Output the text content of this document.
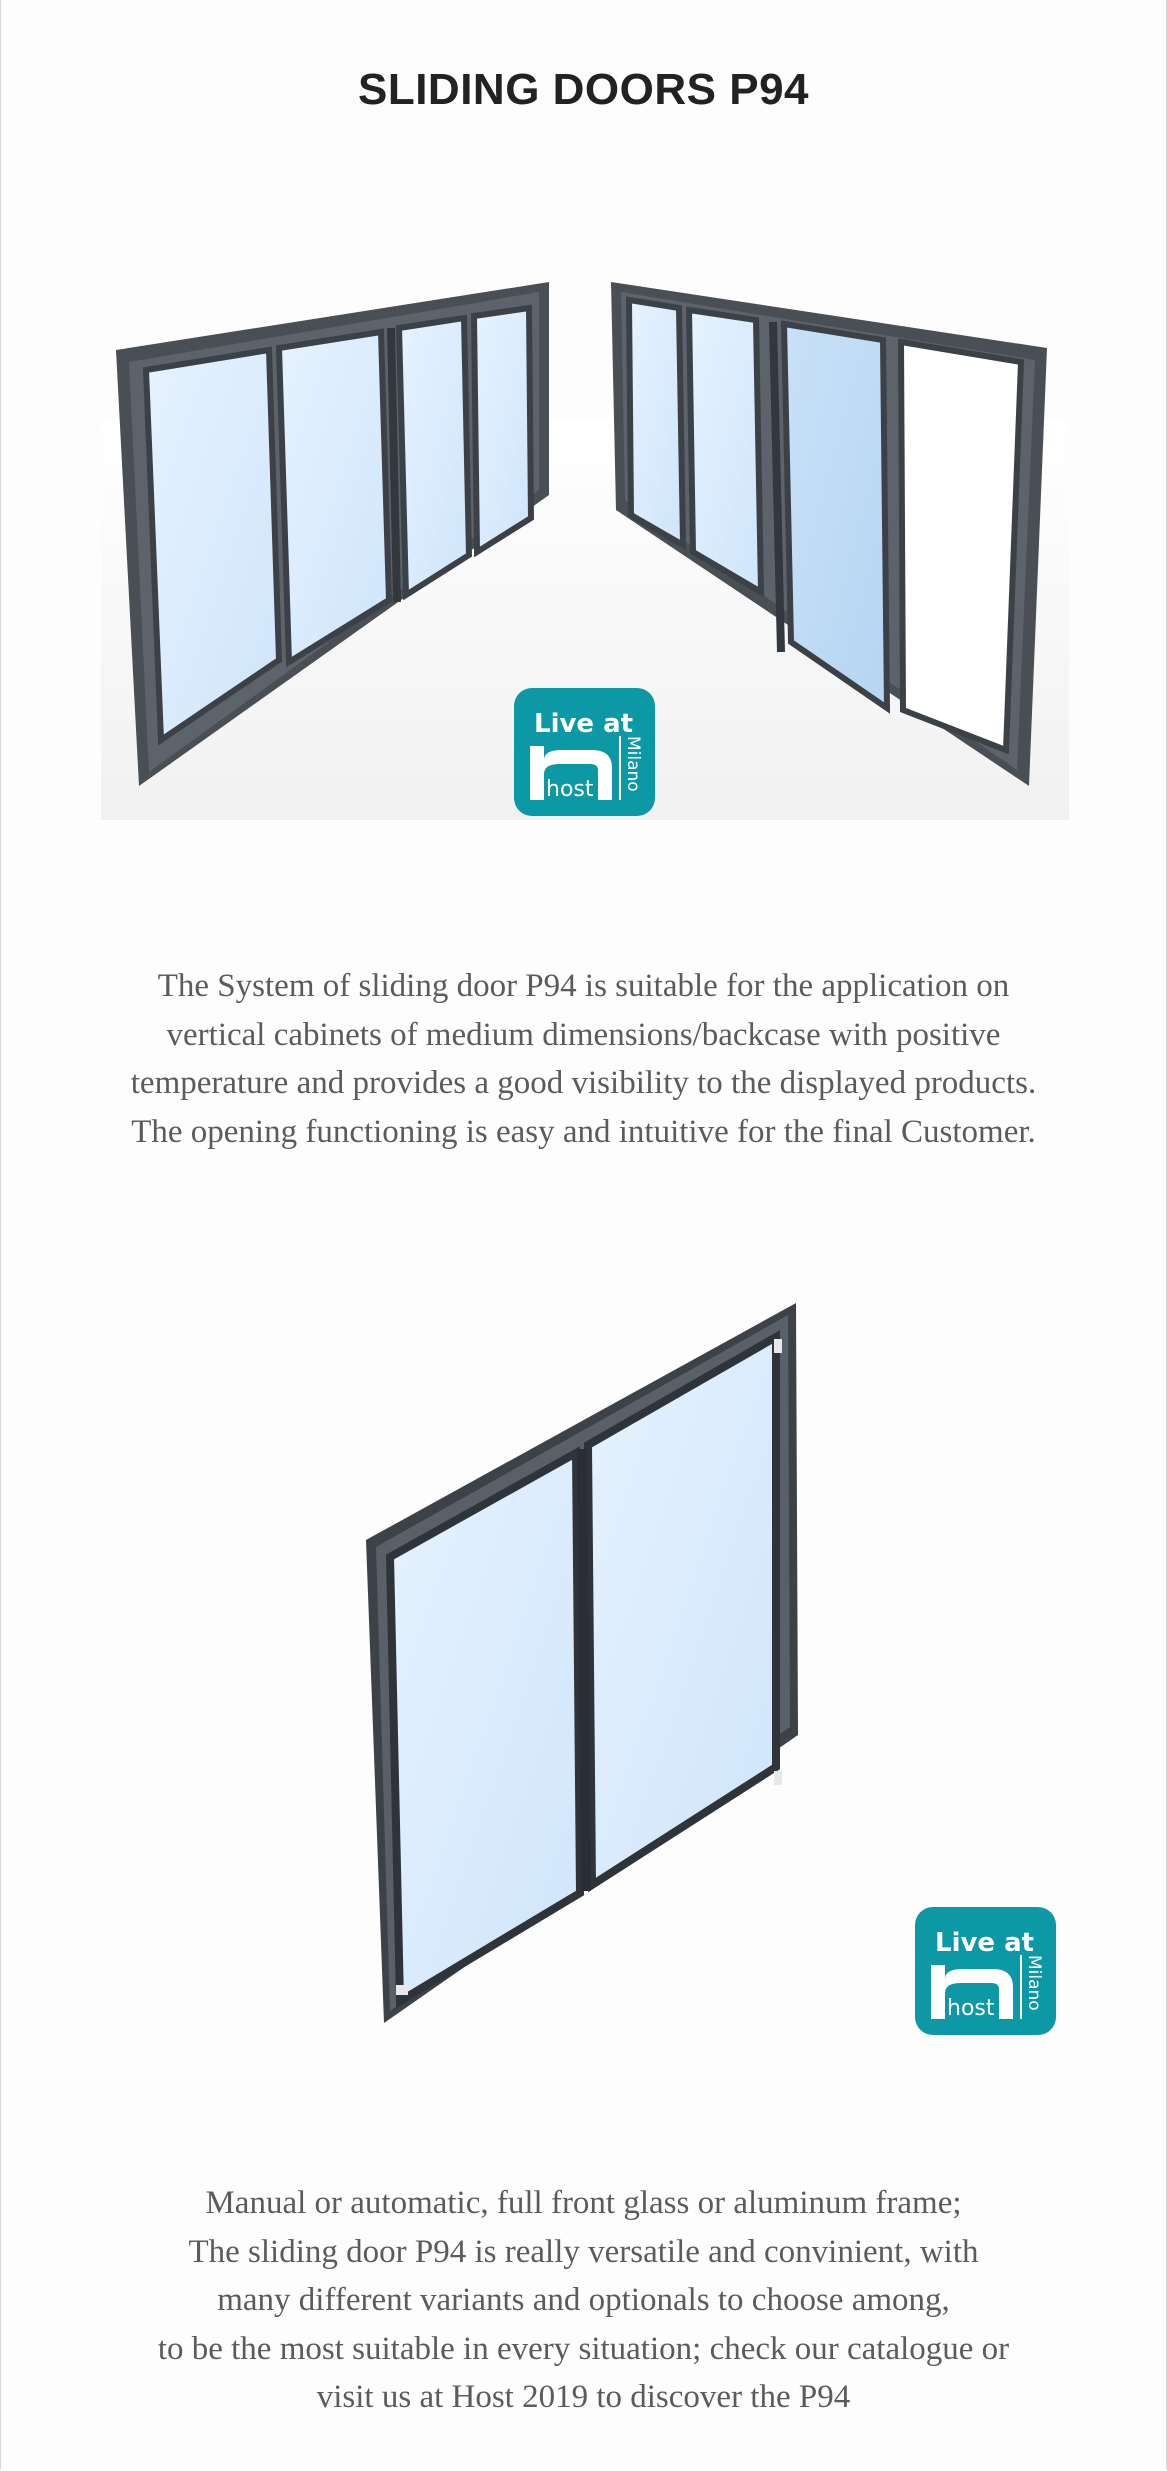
SLIDING DOORS P94
Live at
host Milano
The System of sliding door P94 is suitable for the application on
vertical cabinets of medium dimensions/backcase with positive
temperature and provides a good visibility to the displayed products.
The opening functioning is easy and intuitive for the final Customer.
Live at
host Milano
Manual or automatic, full front glass or aluminum frame;
The sliding door P94 is really versatile and convinient, with
many different variants and optionals to choose among,
to be the most suitable in every situation; check our catalogue or
visit us at Host 2019 to discover the P94
